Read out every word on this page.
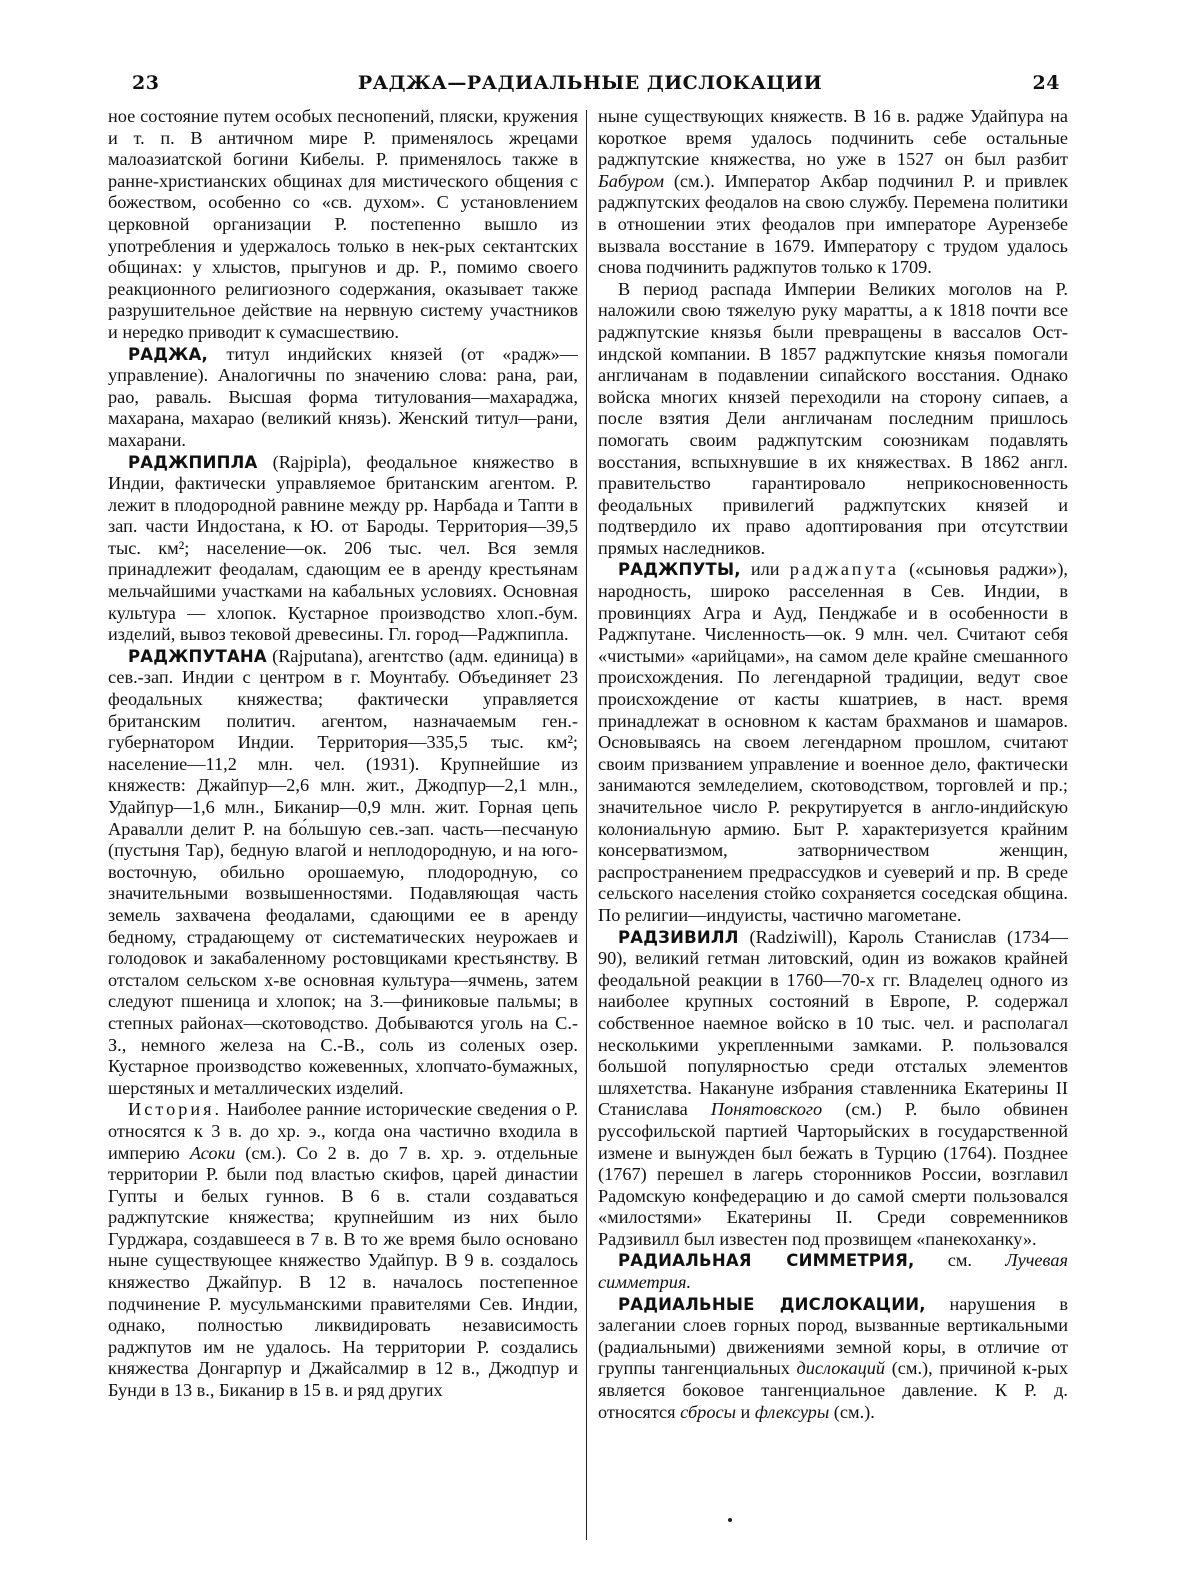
23	РАДЖА—РАДИАЛЬНЫЕ ДИСЛОКАЦИИ	24

ное состояние путем особых песнопений, пляски, кружения и т. п. В античном мире Р. применялось жрецами малоазиатской богини Кибелы. Р. применялось также в ранне-христианских общинах для мистического общения с божеством, особенно со «св. духом». С установлением церковной организации Р. постепенно вышло из употребления и удержалось только в нек-рых сектантских общинах: у хлыстов, прыгунов и др. Р., помимо своего реакционного религиозного содержания, оказывает также разрушительное действие на нервную систему участников и нередко приводит к сумасшествию.

РАДЖА, титул индийских князей (от «радж»—управление). Аналогичны по значению слова: рана, раи, рао, раваль. Высшая форма титулования—махараджа, махарана, махарао (великий князь). Женский титул—рани, махарани.

РАДЖПИПЛА (Rajpipla), феодальное княжество в Индии, фактически управляемое британским агентом. Р. лежит в плодородной равнине между рр. Нарбада и Тапти в зап. части Индостана, к Ю. от Бароды. Территория—39,5 тыс. км²; население—ок. 206 тыс. чел. Вся земля принадлежит феодалам, сдающим ее в аренду крестьянам мельчайшими участками на кабальных условиях. Основная культура — хлопок. Кустарное производство хлоп.-бум. изделий, вывоз тековой древесины. Гл. город—Раджпипла.

РАДЖПУТАНА (Rajputana), агентство (адм. единица) в сев.-зап. Индии с центром в г. Моунтабу. Объединяет 23 феодальных княжества; фактически управляется британским политич. агентом, назначаемым ген.-губернатором Индии. Территория—335,5 тыс. км²; население—11,2 млн. чел. (1931). Крупнейшие из княжеств: Джайпур—2,6 млн. жит., Джодпур—2,1 млн., Удайпур—1,6 млн., Биканир—0,9 млн. жит. Горная цепь Аравалли делит Р. на бо́льшую сев.-зап. часть—песчаную (пустыня Тар), бедную влагой и неплодородную, и на юго-восточную, обильно орошаемую, плодородную, со значительными возвышенностями. Подавляющая часть земель захвачена феодалами, сдающими ее в аренду бедному, страдающему от систематических неурожаев и голодовок и закабаленному ростовщиками крестьянству. В отсталом сельском х-ве основная культура—ячмень, затем следуют пшеница и хлопок; на З.—финиковые пальмы; в степных районах—скотоводство. Добываются уголь на С.-З., немного железа на С.-В., соль из соленых озер. Кустарное производство кожевенных, хлопчато-бумажных, шерстяных и металлических изделий.

История. Наиболее ранние исторические сведения о Р. относятся к 3 в. до хр. э., когда она частично входила в империю Асоки (см.). Со 2 в. до 7 в. хр. э. отдельные территории Р. были под властью скифов, царей династии Гупты и белых гуннов. В 6 в. стали создаваться раджпутские княжества; крупнейшим из них было Гурджара, создавшееся в 7 в. В то же время было основано ныне существующее княжество Удайпур. В 9 в. создалось княжество Джайпур. В 12 в. началось постепенное подчинение Р. мусульманскими правителями Сев. Индии, однако, полностью ликвидировать независимость раджпутов им не удалось. На территории Р. создались княжества Донгарпур и Джайсалмир в 12 в., Джодпур и Бунди в 13 в., Биканир в 15 в. и ряд других

ныне существующих княжеств. В 16 в. радже Удайпура на короткое время удалось подчинить себе остальные раджпутские княжества, но уже в 1527 он был разбит Бабуром (см.). Император Акбар подчинил Р. и привлек раджпутских феодалов на свою службу. Перемена политики в отношении этих феодалов при императоре Аурензебе вызвала восстание в 1679. Императору с трудом удалось снова подчинить раджпутов только к 1709.

В период распада Империи Великих моголов на Р. наложили свою тяжелую руку маратты, а к 1818 почти все раджпутские князья были превращены в вассалов Ост-индской компании. В 1857 раджпутские князья помогали англичанам в подавлении сипайского восстания. Однако войска многих князей переходили на сторону сипаев, а после взятия Дели англичанам последним пришлось помогать своим раджпутским союзникам подавлять восстания, вспыхнувшие в их княжествах. В 1862 англ. правительство гарантировало неприкосновенность феодальных привилегий раджпутских князей и подтвердило их право адоптирования при отсутствии прямых наследников.

РАДЖПУТЫ, или раджапута («сыновья раджи»), народность, широко расселенная в Сев. Индии, в провинциях Агра и Ауд, Пенджабе и в особенности в Раджпутане. Численность—ок. 9 млн. чел. Считают себя «чистыми» «арийцами», на самом деле крайне смешанного происхождения. По легендарной традиции, ведут свое происхождение от касты кшатриев, в наст. время принадлежат в основном к кастам брахманов и шамаров. Основываясь на своем легендарном прошлом, считают своим призванием управление и военное дело, фактически занимаются земледелием, скотоводством, торговлей и пр.; значительное число Р. рекрутируется в англо-индийскую колониальную армию. Быт Р. характеризуется крайним консерватизмом, затворничеством женщин, распространением предрассудков и суеверий и пр. В среде сельского населения стойко сохраняется соседская община. По религии—индуисты, частично магометане.

РАДЗИВИЛЛ (Radziwill), Кароль Станислав (1734—90), великий гетман литовский, один из вожаков крайней феодальной реакции в 1760—70-х гг. Владелец одного из наиболее крупных состояний в Европе, Р. содержал собственное наемное войско в 10 тыс. чел. и располагал несколькими укрепленными замками. Р. пользовался большой популярностью среди отсталых элементов шляхетства. Накануне избрания ставленника Екатерины II Станислава Понятовского (см.) Р. было обвинен руссофильской партией Чарторыйских в государственной измене и вынужден был бежать в Турцию (1764). Позднее (1767) перешел в лагерь сторонников России, возглавил Радомскую конфедерацию и до самой смерти пользовался «милостями» Екатерины II. Среди современников Радзивилл был известен под прозвищем «панекоханку».

РАДИАЛЬНАЯ СИММЕТРИЯ, см. Лучевая симметрия.

РАДИАЛЬНЫЕ ДИСЛОКАЦИИ, нарушения в залегании слоев горных пород, вызванные вертикальными (радиальными) движениями земной коры, в отличие от группы тангенциальных дислокаций (см.), причиной к-рых является боковое тангенциальное давление. К Р. д. относятся сбросы и флексуры (см.).
